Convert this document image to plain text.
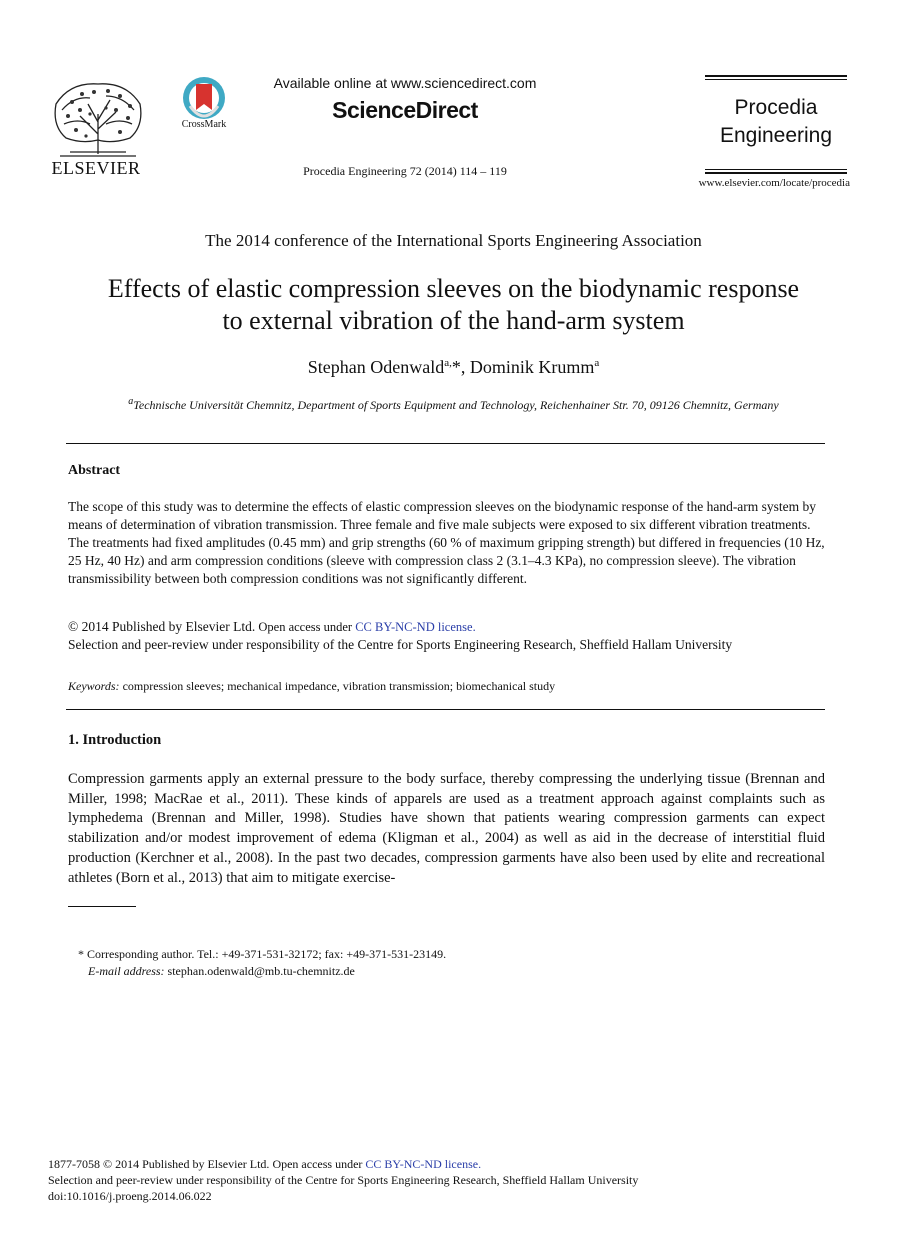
ELSEVIER
CrossMark
Available online at www.sciencedirect.com
ScienceDirect
Procedia Engineering 72 (2014) 114 – 119
Procedia
Engineering
www.elsevier.com/locate/procedia
The 2014 conference of the International Sports Engineering Association
Effects of elastic compression sleeves on the biodynamic response
to external vibration of the hand-arm system
Stephan Odenwald$^{a,}$*, Dominik Krumm$^a$
$^a$Technische Universität Chemnitz, Department of Sports Equipment and Technology, Reichenhainer Str. 70, 09126 Chemnitz, Germany
Abstract
The scope of this study was to determine the effects of elastic compression sleeves on the biodynamic response of the hand-arm system by means of determination of vibration transmission. Three female and five male subjects were exposed to six different vibration treatments. The treatments had fixed amplitudes (0.45 mm) and grip strengths (60 % of maximum gripping strength) but differed in frequencies (10 Hz, 25 Hz, 40 Hz) and arm compression conditions (sleeve with compression class 2 (3.1–4.3 KPa), no compression sleeve). The vibration transmissibility between both compression conditions was not significantly different.
© 2014 Published by Elsevier Ltd. Open access under CC BY-NC-ND license.
Selection and peer-review under responsibility of the Centre for Sports Engineering Research, Sheffield Hallam University
Keywords: compression sleeves; mechanical impedance, vibration transmission; biomechanical study
1. Introduction
Compression garments apply an external pressure to the body surface, thereby compressing the underlying tissue (Brennan and Miller, 1998; MacRae et al., 2011). These kinds of apparels are used as a treatment approach against complaints such as lymphedema (Brennan and Miller, 1998). Studies have shown that patients wearing compression garments can expect stabilization and/or modest improvement of edema (Kligman et al., 2004) as well as aid in the decrease of interstitial fluid production (Kerchner et al., 2008). In the past two decades, compression garments have also been used by elite and recreational athletes (Born et al., 2013) that aim to mitigate exercise-
* Corresponding author. Tel.: +49-371-531-32172; fax: +49-371-531-23149.
E-mail address: stephan.odenwald@mb.tu-chemnitz.de
1877-7058 © 2014 Published by Elsevier Ltd. Open access under CC BY-NC-ND license.
Selection and peer-review under responsibility of the Centre for Sports Engineering Research, Sheffield Hallam University
doi:10.1016/j.proeng.2014.06.022
